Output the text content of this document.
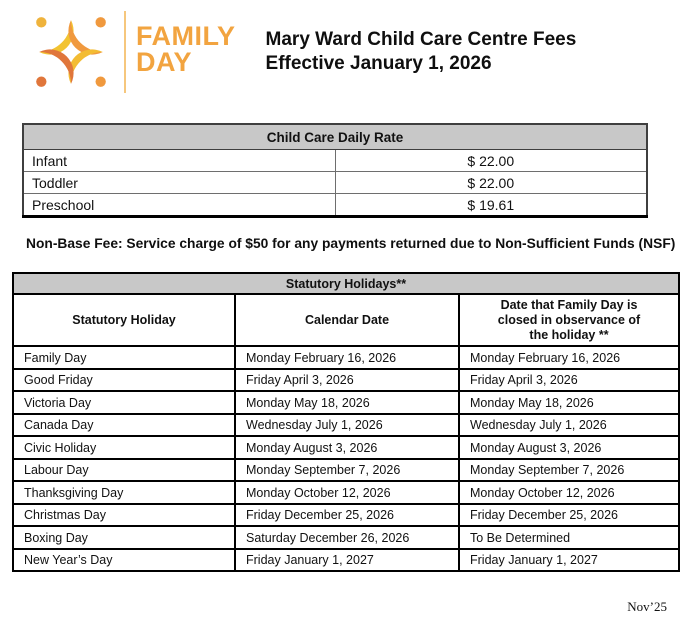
FAMILY
DAY
Mary Ward Child Care Centre Fees
Effective January 1, 2026
Child Care Daily Rate	
Infant	$ 22.00
Toddler	$ 22.00
Preschool	$ 19.61

Non-Base Fee: Service charge of $50 for any payments returned due to Non-Sufficient Funds (NSF)

Statutory Holidays**		
Statutory Holiday	Calendar Date	Date that Family Day is closed in observance of the holiday **

Family Day	Monday February 16, 2026	Monday February 16, 2026
Good Friday	Friday April 3, 2026	Friday April 3, 2026
Victoria Day	Monday May 18, 2026	Monday May 18, 2026
Canada Day	Wednesday July 1, 2026	Wednesday July 1, 2026
Civic Holiday	Monday August 3, 2026	Monday August 3, 2026
Labour Day	Monday September 7, 2026	Monday September 7, 2026
Thanksgiving Day	Monday October 12, 2026	Monday October 12, 2026
Christmas Day	Friday December 25, 2026	Friday December 25, 2026
Boxing Day	Saturday December 26, 2026	To Be Determined
New Year’s Day	Friday January 1, 2027	Friday January 1, 2027
Nov’25
